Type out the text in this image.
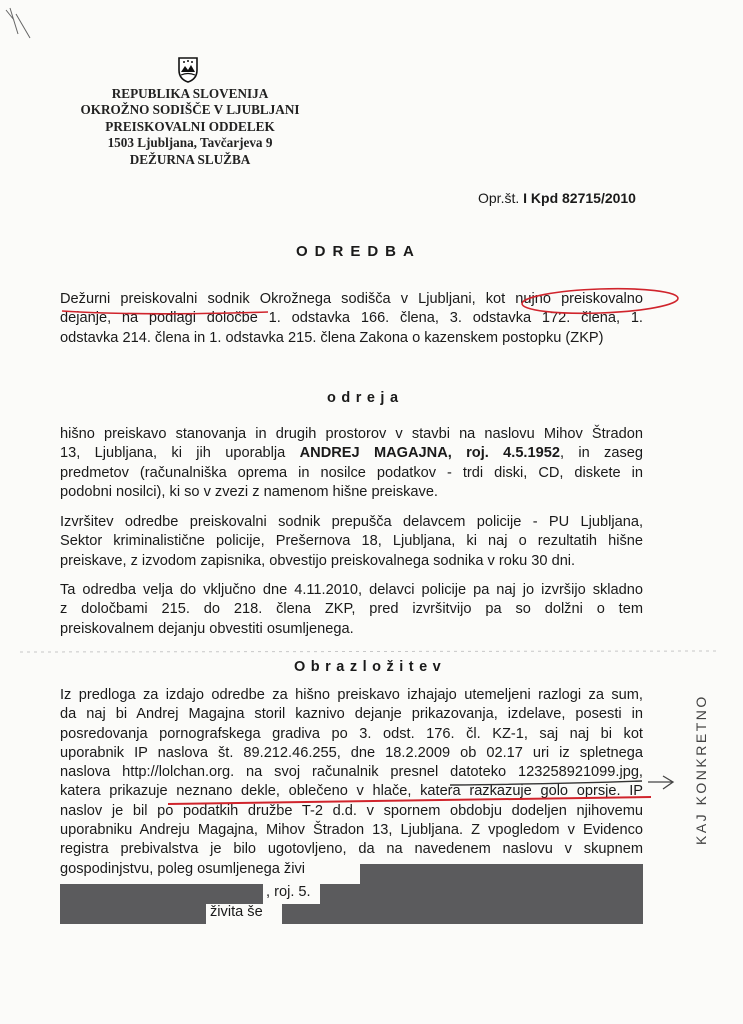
REPUBLIKA SLOVENIJA
OKROŽNO SODIŠČE V LJUBLJANI
PREISKOVALNI ODDELEK
1503 Ljubljana, Tavčarjeva 9
DEŽURNA SLUŽBA
Opr.št. I Kpd 82715/2010
ODREDBA
Dežurni preiskovalni sodnik Okrožnega sodišča v Ljubljani, kot nujno preiskovalno
dejanje, na podlagi določbe 1. odstavka 166. člena, 3. odstavka 172. člena, 1.
odstavka 214. člena in 1. odstavka 215. člena Zakona o kazenskem postopku (ZKP)
odreja
hišno preiskavo stanovanja in drugih prostorov v stavbi na naslovu Mihov Štradon
13, Ljubljana, ki jih uporablja ANDREJ MAGAJNA, roj. 4.5.1952, in zaseg
predmetov (računalniška oprema in nosilce podatkov - trdi diski, CD, diskete in
podobni nosilci), ki so v zvezi z namenom hišne preiskave.
Izvršitev odredbe preiskovalni sodnik prepušča delavcem policije - PU Ljubljana,
Sektor kriminalistične policije, Prešernova 18, Ljubljana, ki naj o rezultatih hišne
preiskave, z izvodom zapisnika, obvestijo preiskovalnega sodnika v roku 30 dni.
Ta odredba velja do vključno dne 4.11.2010, delavci policije pa naj jo izvršijo skladno
z določbami 215. do 218. člena ZKP, pred izvršitvijo pa so dolžni o tem
preiskovalnem dejanju obvestiti osumljenega.
Obrazložitev
Iz predloga za izdajo odredbe za hišno preiskavo izhajajo utemeljeni razlogi za sum,
da naj bi Andrej Magajna storil kaznivo dejanje prikazovanja, izdelave, posesti in
posredovanja pornografskega gradiva po 3. odst. 176. čl. KZ-1, saj naj bi kot
uporabnik IP naslova št. 89.212.46.255, dne 18.2.2009 ob 02.17 uri iz spletnega
naslova http://lolchan.org. na svoj računalnik presnel datoteko 123258921099.jpg,
katera prikazuje neznano dekle, oblečeno v hlače, katera razkazuje golo oprsje. IP
naslov je bil po podatkih družbe T-2 d.d. v spornem obdobju dodeljen njihovemu
uporabniku Andreju Magajna, Mihov Štradon 13, Ljubljana. Z vpogledom v Evidenco
registra prebivalstva je bilo ugotovljeno, da na navedenem naslovu v skupnem
gospodinjstvu, poleg osumljenega živi
, roj. 5.
živita še
KAJ KONKRETNO
